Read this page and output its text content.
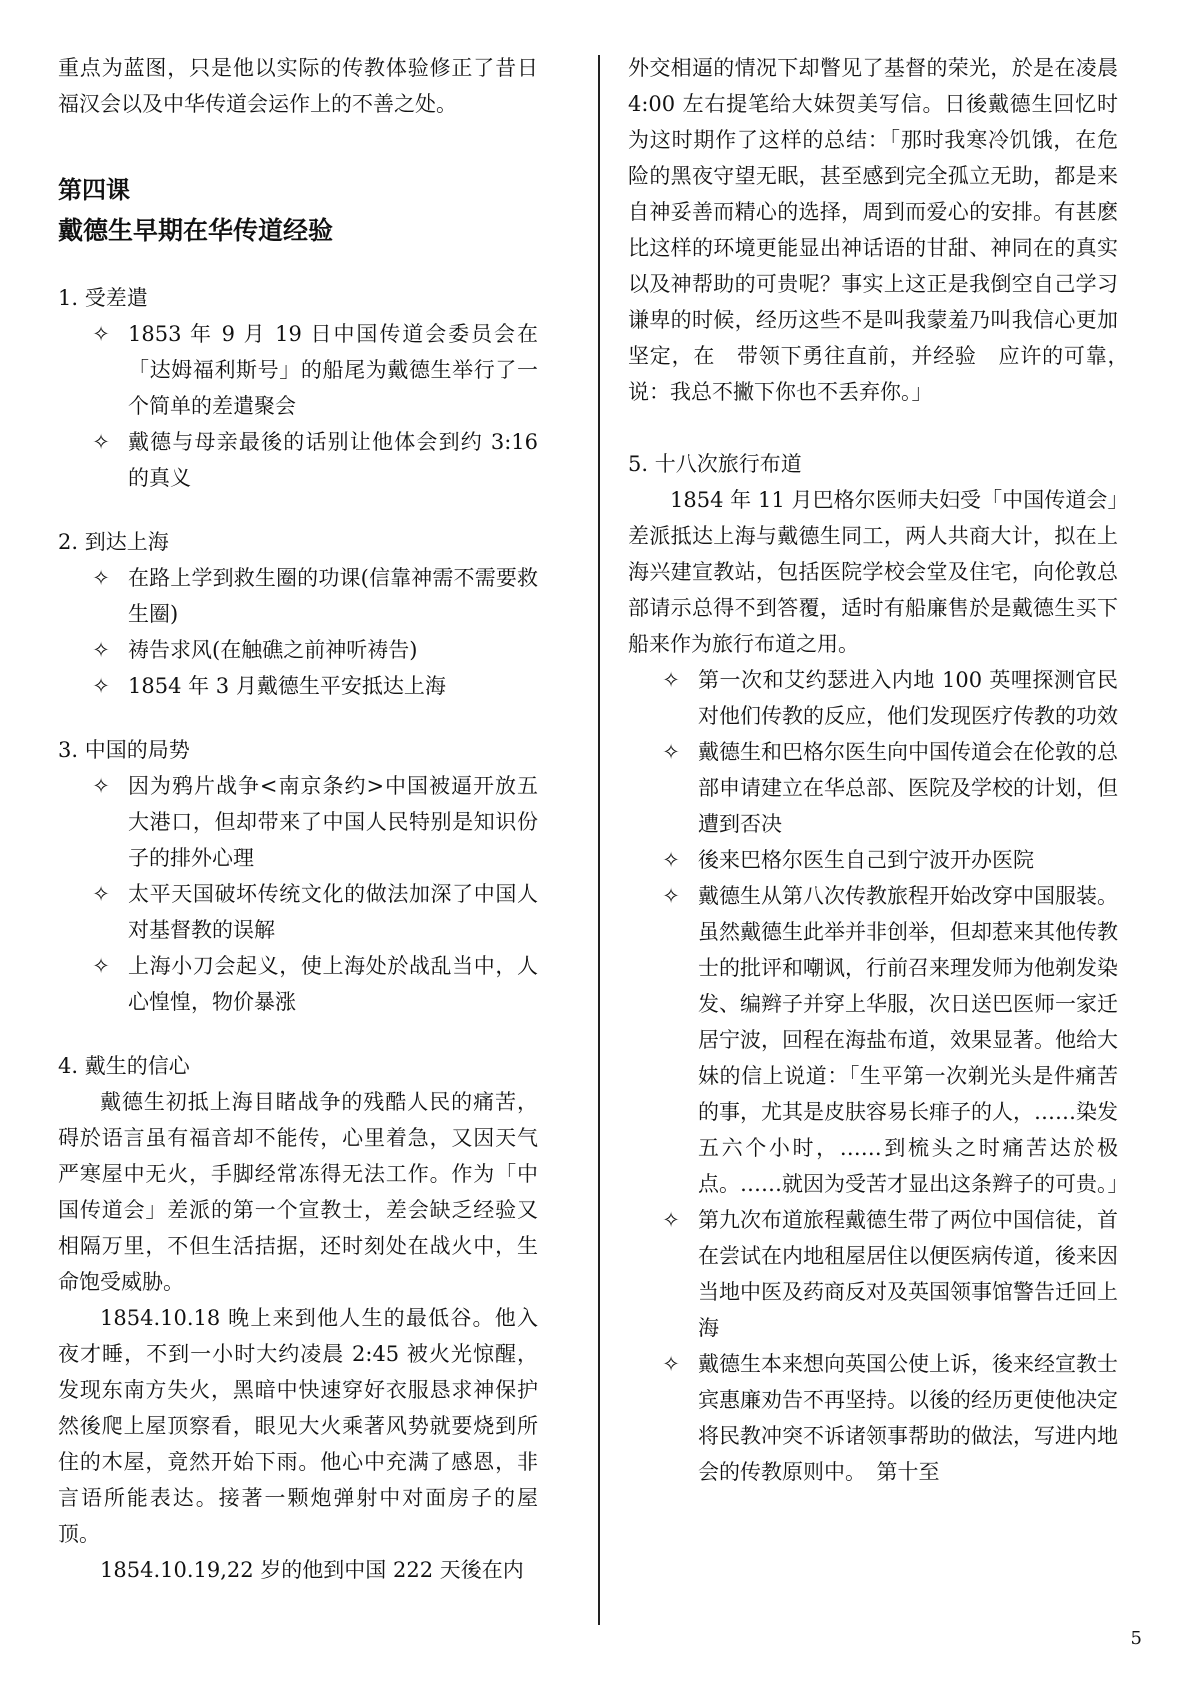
重点为蓝图，只是他以实际的传教体验修正了昔日福汉会以及中华传道会运作上的不善之处。

第四课
戴德生早期在华传道经验

1. 受差遣

✧ 1853 年 9 月 19 日中国传道会委员会在「达姆福利斯号」的船尾为戴德生举行了一个简单的差遣聚会
✧ 戴德与母亲最後的话别让他体会到约 3:16 的真义

2. 到达上海

✧ 在路上学到救生圈的功课(信靠神需不需要救生圈)
✧ 祷告求风(在触礁之前神听祷告)
✧ 1854 年 3 月戴德生平安抵达上海

3. 中国的局势

✧ 因为鸦片战争<南京条约>中国被逼开放五大港口，但却带来了中国人民特别是知识份子的排外心理
✧ 太平天国破坏传统文化的做法加深了中国人对基督教的误解
✧ 上海小刀会起义，使上海处於战乱当中，人心惶惶，物价暴涨

4. 戴生的信心

戴德生初抵上海目睹战争的残酷人民的痛苦，碍於语言虽有福音却不能传，心里着急，又因天气严寒屋中无火，手脚经常冻得无法工作。作为「中国传道会」差派的第一个宣教士，差会缺乏经验又相隔万里，不但生活拮据，还时刻处在战火中，生命饱受威胁。

1854.10.18 晚上来到他人生的最低谷。他入夜才睡，不到一小时大约凌晨 2:45 被火光惊醒，发现东南方失火，黑暗中快速穿好衣服恳求神保护然後爬上屋顶察看，眼见大火乘著风势就要烧到所住的木屋，竟然开始下雨。他心中充满了感恩，非言语所能表达。接著一颗炮弹射中对面房子的屋顶。

1854.10.19,22 岁的他到中国 222 天後在内

外交相逼的情况下却瞥见了基督的荣光，於是在凌晨 4:00 左右提笔给大妹贺美写信。日後戴德生回忆时为这时期作了这样的总结：「那时我寒冷饥饿，在危险的黑夜守望无眠，甚至感到完全孤立无助，都是来自神妥善而精心的选择，周到而爱心的安排。有甚麽比这样的环境更能显出神话语的甘甜、神同在的真实以及神帮助的可贵呢？事实上这正是我倒空自己学习谦卑的时候，经历这些不是叫我蒙羞乃叫我信心更加坚定，在　带领下勇往直前，并经验　应许的可靠，　说：我总不撇下你也不丢弃你。」

5. 十八次旅行布道

1854 年 11 月巴格尔医师夫妇受「中国传道会」差派抵达上海与戴德生同工，两人共商大计，拟在上海兴建宣教站，包括医院学校会堂及住宅，向伦敦总部请示总得不到答覆，适时有船廉售於是戴德生买下船来作为旅行布道之用。

✧ 第一次和艾约瑟进入内地 100 英哩探测官民对他们传教的反应，他们发现医疗传教的功效
✧ 戴德生和巴格尔医生向中国传道会在伦敦的总部申请建立在华总部、医院及学校的计划，但遭到否决
✧ 後来巴格尔医生自己到宁波开办医院
✧ 戴德生从第八次传教旅程开始改穿中国服装。虽然戴德生此举并非创举，但却惹来其他传教士的批评和嘲讽，行前召来理发师为他剃发染发、编辫子并穿上华服，次日送巴医师一家迁居宁波，回程在海盐布道，效果显著。他给大妹的信上说道：「生平第一次剃光头是件痛苦的事，尤其是皮肤容易长痱子的人，……染发五六个小时，……到梳头之时痛苦达於极点。……就因为受苦才显出这条辫子的可贵。」
✧ 第九次布道旅程戴德生带了两位中国信徒，首在尝试在内地租屋居住以便医病传道，後来因当地中医及药商反对及英国领事馆警告迁回上海
✧ 戴德生本来想向英国公使上诉，後来经宣教士宾惠廉劝告不再坚持。以後的经历更使他决定将民教冲突不诉诸领事帮助的做法，写进内地会的传教原则中。　第十至
5
